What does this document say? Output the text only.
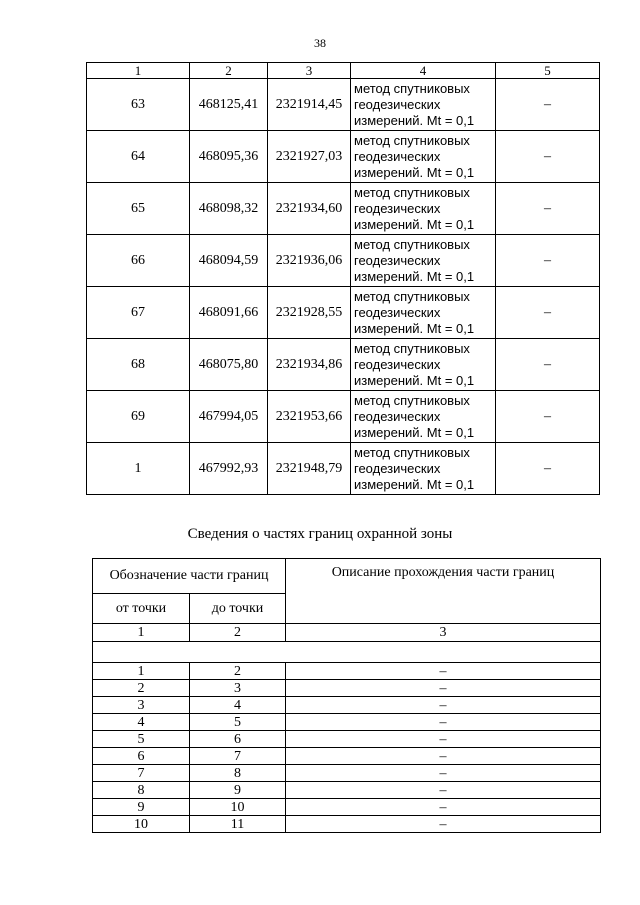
38
1	2	3	4	5
63	468125,41	2321914,45	метод спутниковых
геодезических
измерений. Mt = 0,1	–
64	468095,36	2321927,03	метод спутниковых
геодезических
измерений. Mt = 0,1	–
65	468098,32	2321934,60	метод спутниковых
геодезических
измерений. Mt = 0,1	–
66	468094,59	2321936,06	метод спутниковых
геодезических
измерений. Mt = 0,1	–
67	468091,66	2321928,55	метод спутниковых
геодезических
измерений. Mt = 0,1	–
68	468075,80	2321934,86	метод спутниковых
геодезических
измерений. Mt = 0,1	–
69	467994,05	2321953,66	метод спутниковых
геодезических
измерений. Mt = 0,1	–
1	467992,93	2321948,79	метод спутниковых
геодезических
измерений. Mt = 0,1	–
Сведения о частях границ охранной зоны
Обозначение части границ		Описание прохождения части границ
от точки	до точки	
1	2	3

1	2	–
2	3	–
3	4	–
4	5	–
5	6	–
6	7	–
7	8	–
8	9	–
9	10	–
10	11	–
